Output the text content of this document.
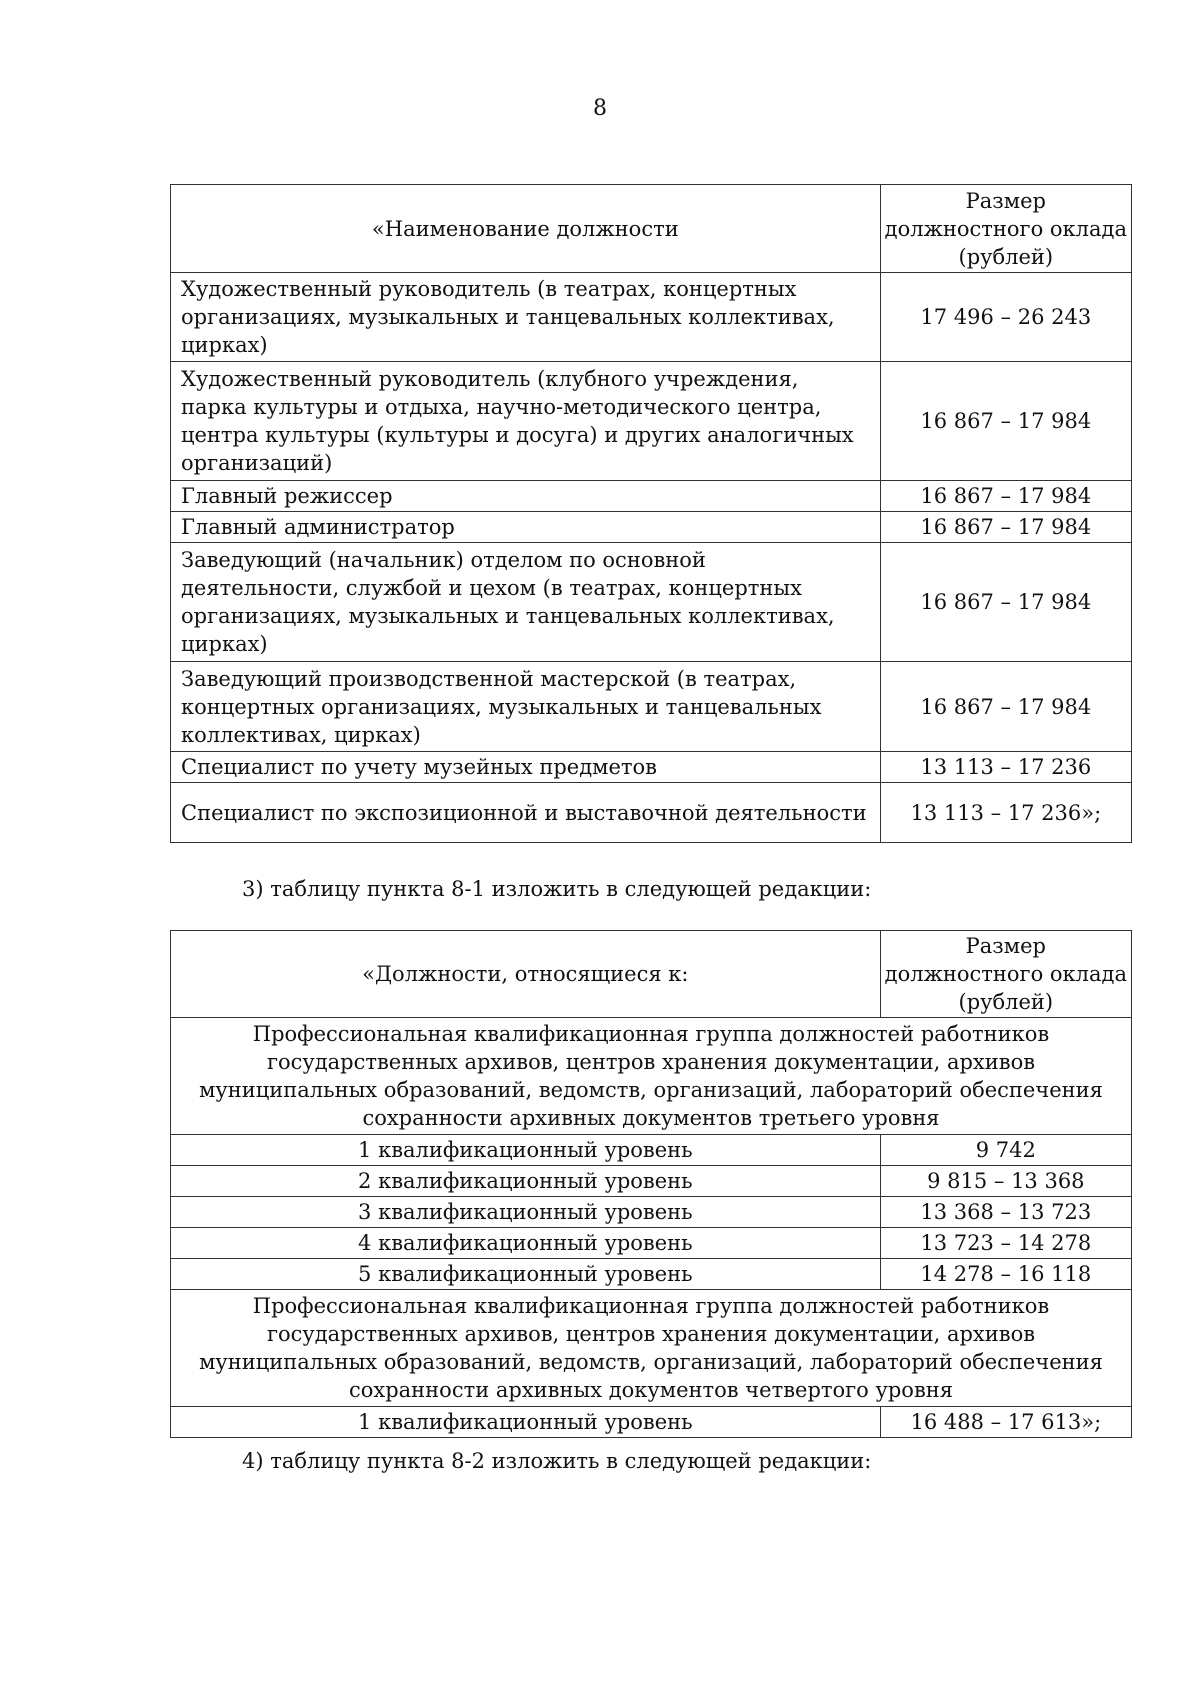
8
«Наименование должности	Размер должностного оклада (рублей)
Художественный руководитель (в театрах, концертных организациях, музыкальных и танцевальных коллективах, цирках)	17 496 – 26 243
Художественный руководитель (клубного учреждения, парка культуры и отдыха, научно-методического центра, центра культуры (культуры и досуга) и других аналогичных организаций)	16 867 – 17 984
Главный режиссер	16 867 – 17 984
Главный администратор	16 867 – 17 984
Заведующий (начальник) отделом по основной деятельности, службой и цехом (в театрах, концертных организациях, музыкальных и танцевальных коллективах, цирках)	16 867 – 17 984
Заведующий производственной мастерской (в театрах, концертных организациях, музыкальных и танцевальных коллективах, цирках)	16 867 – 17 984
Специалист по учету музейных предметов	13 113 – 17 236
Специалист по экспозиционной и выставочной деятельности	13 113 – 17 236»;
3) таблицу пункта 8-1 изложить в следующей редакции:
«Должности, относящиеся к:	Размер должностного оклада (рублей)
Профессиональная квалификационная группа должностей работников государственных архивов, центров хранения документации, архивов муниципальных образований, ведомств, организаций, лабораторий обеспечения сохранности архивных документов третьего уровня	
1 квалификационный уровень	9 742
2 квалификационный уровень	9 815 – 13 368
3 квалификационный уровень	13 368 – 13 723
4 квалификационный уровень	13 723 – 14 278
5 квалификационный уровень	14 278 – 16 118
Профессиональная квалификационная группа должностей работников государственных архивов, центров хранения документации, архивов муниципальных образований, ведомств, организаций, лабораторий обеспечения сохранности архивных документов четвертого уровня	
1 квалификационный уровень	16 488 – 17 613»;
4) таблицу пункта 8-2 изложить в следующей редакции:
